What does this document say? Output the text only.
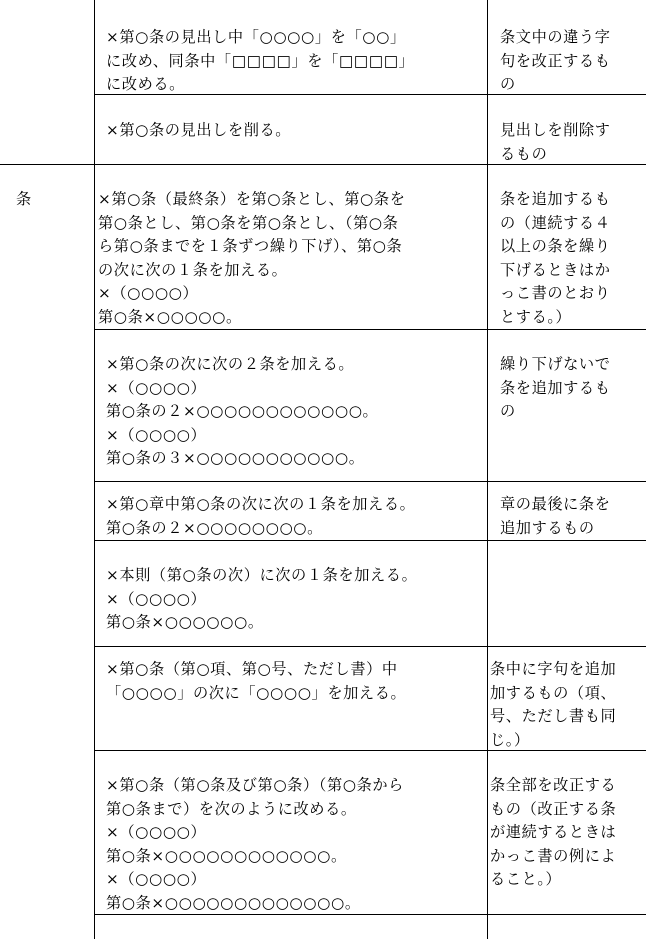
条
×第○条の見出し中「○○○○」を「○○」
に改め、同条中「□□□□」を「□□□□」
に改める。
条文中の違う字
句を改正するも
の
×第○条の見出しを削る。	見出しを削除す
るもの
×第○条（最終条）を第○条とし、第○条を
第○条とし、第○条を第○条とし、（第○条
ら第○条までを１条ずつ繰り下げ）、第○条
の次に次の１条を加える。
×（○○○○）
第○条×○○○○○。
条を追加するも
の（連続する４
以上の条を繰り
下げるときはか
っこ書のとおり
とする。）
×第○条の次に次の２条を加える。
×（○○○○）
第○条の２×○○○○○○○○○○○○。
×（○○○○）
第○条の３×○○○○○○○○○○○。
繰り下げないで
条を追加するも
の
×第○章中第○条の次に次の１条を加える。
第○条の２×○○○○○○○○。
章の最後に条を
追加するもの
×本則（第○条の次）に次の１条を加える。
×（○○○○）
第○条×○○○○○○。
×第○条（第○項、第○号、ただし書）中
「○○○○」の次に「○○○○」を加える。
条中に字句を追加
加するもの（項、
号、ただし書も同
じ。）
×第○条（第○条及び第○条）（第○条から
第○条まで）を次のように改める。
×（○○○○）
第○条×○○○○○○○○○○○○。
×（○○○○）
第○条×○○○○○○○○○○○○○。
条全部を改正する
もの（改正する条
が連続するときは
かっこ書の例によ
ること。）
